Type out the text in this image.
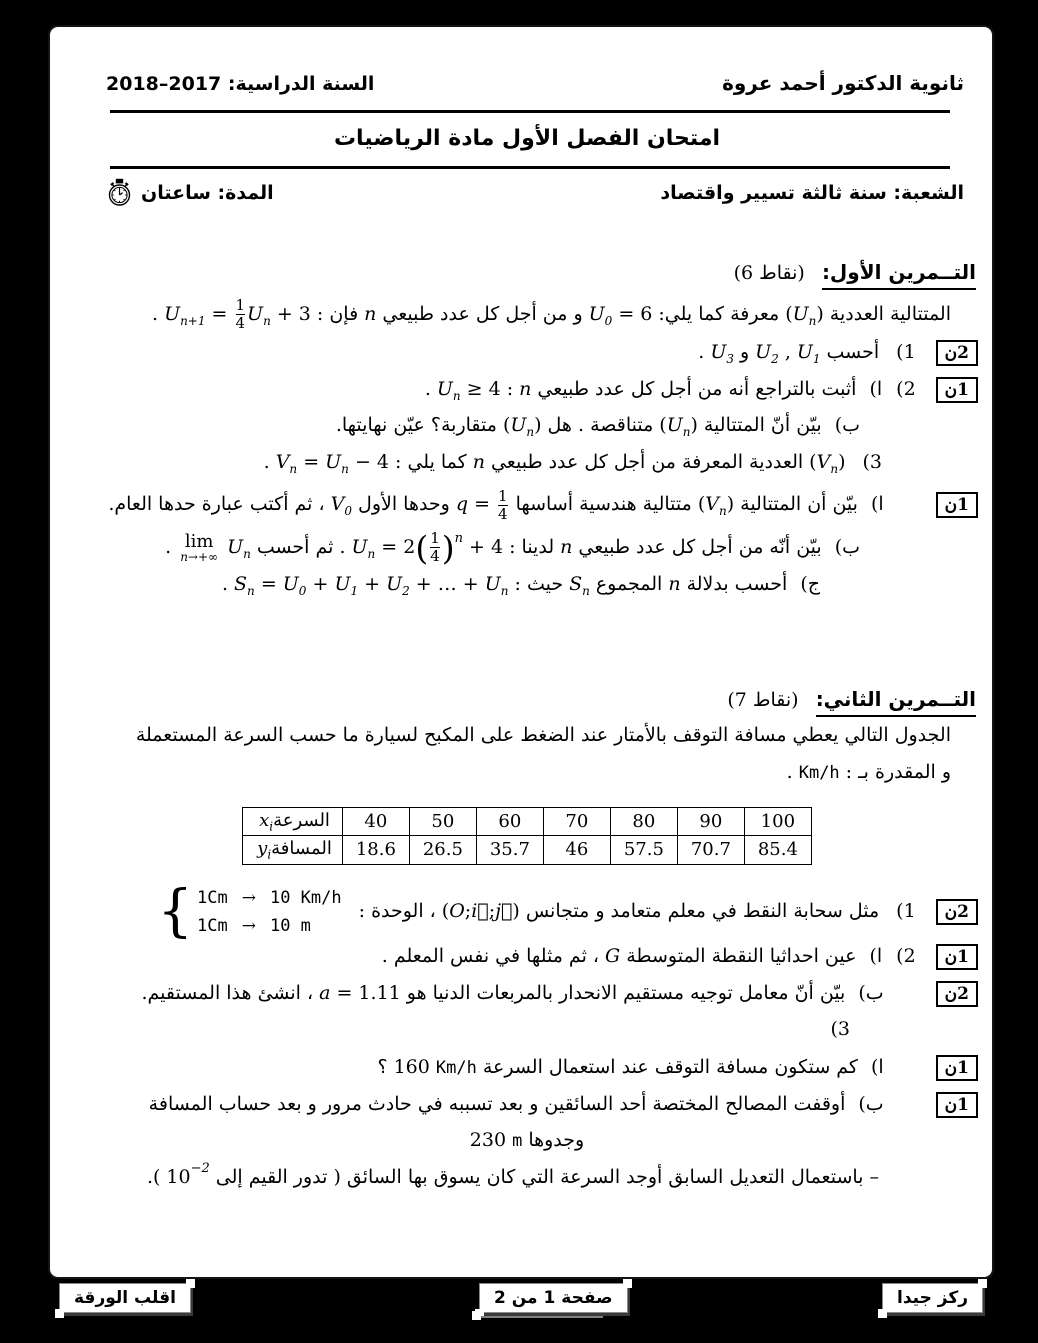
ثانوية الدكتور أحمد عروة
السنة الدراسية: 2018–2017
امتحان الفصل الأول مادة الرياضيات
الشعبة: سنة ثالثة تسيير واقتصاد
المدة: ساعتان
التــمرين الأول: (6 نقاط)
المتتالية $العددية(U_n)معرفة$ كما $يلي:U_0$ = 6و من أجل كل عدد طبيعيnفإن $:U_{n+1} = \frac{1}{4} U_n + 3$.
$ن2(1أحسبU_1,U_2وU_3$.
ن1(2(اأثبت بالتراجع أنه من أجل كل عدد $طبيعيn:U_n \ge 4$.
(ببيّن أنّ $المتتالية(U_n)متناقصة$ . $هل(U_n)متقاربة؟$ عيّن نهايتها.
($3(V_n)العددية$ المعرفة من أجل كل عدد طبيعيnكما يلي $:V_n = U_n - 4$.
ن1(ابيّن أن $المتتالية(V_n)متتالية$ هندسية أساسهاq = $\frac{1}{4}$
وحدها الأولV$_0$، ثم أكتب عبارة حدها العام.
(ببيّن أنّه من أجل كل عدد طبيعيnلدينا $:U_n = 2( \frac{1}{4} )^n$ + 4.ثم أحسب
lim
n→+∞ $U_n$.
(جأحسب بدلالةnالمجموعS$_n$حيث $:S_n = U_0 + U_1 + U_2$ + … + $U_n$.
التــمرين الثاني: (7 نقاط)
الجدول التالي يعطي مسافة التوقف بالأمتار عند الضغط على المكبح لسيارة ما حسب السرعة المستعملة
و المقدرة بـ :Km/h.
السرعةx$_i$	40	50	60	70	80	90	100
المسافةy$_i$	18.6	26.5	35.7	46	57.5	70.7	85.4
ن2(1مثل سحابة النقط في معلم متعامد و متجانس(O;i⃗;j⃗)، الوحدة :
{ 1Cm → 10 Km/h
1Cm → 10 m
ن1(2(اعين احداثيا النقطة المتوسطةG، ثم مثلها في نفس المعلم .
ن2(ببيّن أنّ معامل توجيه مستقيم الانحدار بالمربعات الدنيا هوa = 1.11، انشئ هذا المستقيم.
(3
ن1(اكم ستكون مسافة التوقف عند استعمال السرعة160 Km/h؟
ن1(بأوقفت المصالح المختصة أحد السائقين و بعد تسببه في حادث مرور و بعد حساب المسافة
وجدوها230 m
– باستعمال التعديل السابق أوجد السرعة التي كان يسوق بها السائق( تدور القيم $إلى10^{-2}$).
ركز جيدا
صفحة 1 من 2
اقلب الورقة
